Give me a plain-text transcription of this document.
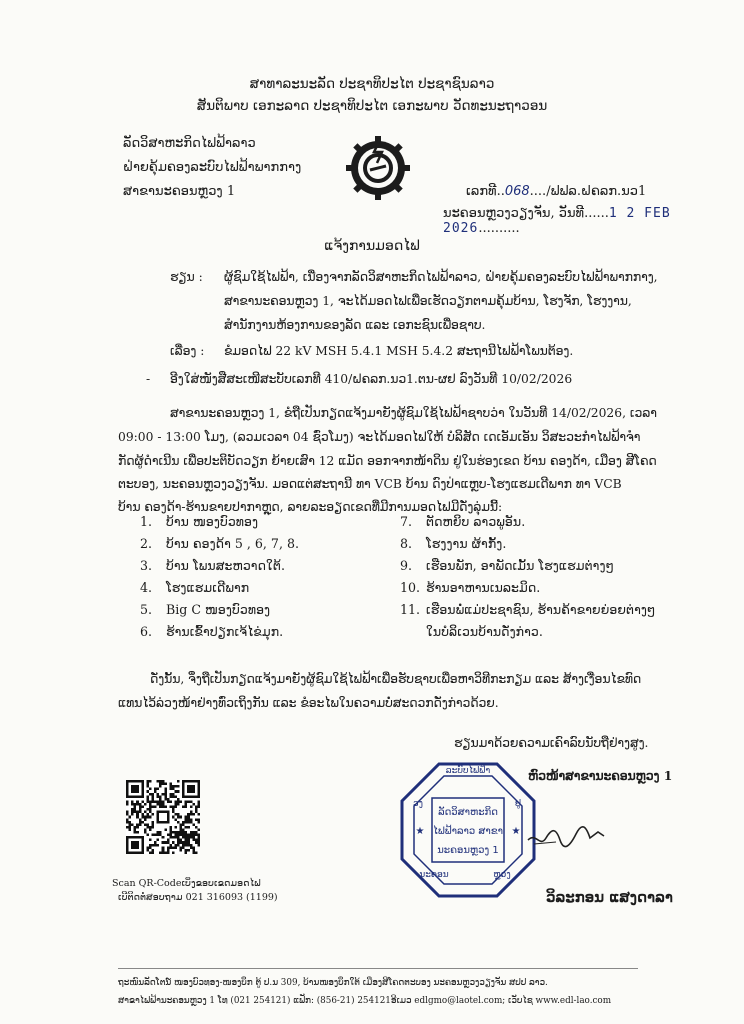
ສາທາລະນະລັດ ປະຊາທິປະໄຕ ປະຊາຊົນລາວ
ສັນຕິພາບ ເອກະລາດ ປະຊາທິປະໄຕ ເອກະພາບ ວັດທະນະຖາວອນ
ລັດວິສາຫະກິດໄຟຟ້າລາວ
ຝ່າຍຄຸ້ມຄອງລະບົບໄຟຟ້າພາກກາງ
ສາຂານະຄອນຫຼວງ 1	ເລກທີ..068..../ຟຟລ.ຝຄລກ.ນວ1
ນະຄອນຫຼວງວຽງຈັນ, ວັນທີ......1 2 FEB 2026..........
ແຈ້ງການມອດໄຟ
ຮຽນ : ຜູ້ຊົມໃຊ້ໄຟຟ້າ, ເນື່ອງຈາກລັດວິສາຫະກິດໄຟຟ້າລາວ, ຝ່າຍຄຸ້ມຄອງລະບົບໄຟຟ້າພາກກາງ,
ສາຂານະຄອນຫຼວງ 1, ຈະໄດ້ມອດໄຟເພື່ອເຮັດວຽກຕາມຄຸ້ມບ້ານ, ໂຮງຈັກ, ໂຮງງານ,
ສຳນັກງານຫ້ອງການຂອງລັດ ແລະ ເອກະຊົນເພື່ອຊາບ.
ເລື່ອງ : ຂໍມອດໄຟ 22 kV MSH 5.4.1 MSH 5.4.2 ສະຖານີໄຟຟ້າໂພນຕ້ອງ.
- ອີງໃສ່ໜັງສືສະເໜີສະບັບເລກທີ 410/ຝຄລກ.ນວ1.ຕນ-ຜຢ ລົງວັນທີ 10/02/2026
ສາຂານະຄອນຫຼວງ 1, ຂໍຖືເປັນກຽດແຈ້ງມາຍັງຜູ້ຊົມໃຊ້ໄຟຟ້າຊາບວ່າ ໃນວັນທີ 14/02/2026, ເວລາ
09:00 - 13:00 ໂມງ, (ລວມເວລາ 04 ຊົ່ວໂມງ) ຈະໄດ້ມອດໄຟໃຫ້ ບໍລິສັດ ເດເອັມເອັນ ວິສະວະກຳໄຟຟ້າຈຳ
ກັດຜູ້ດຳເນີນ ເພື່ອປະຕິບັດວຽກ ຍ້າຍເສົາ 12 ແມັດ ອອກຈາກໜ້າດິນ ຢູ່ໃນຮ່ອງເຂດ ບ້ານ ຄອງດ້າ, ເມືອງ ສີໂຄດ
ຕະບອງ, ນະຄອນຫຼວງວຽງຈັນ. ມອດແຕ່ສະຖານີ ທາ VCB ບ້ານ ດົງປ່າແຫຼບ-ໂຮງແຮມເດີພາກ ທາ VCB
ບ້ານ ຄອງດ້າ-ຮ້ານຂາຍປາກາຫຼຸດ, ລາຍລະອຽດເຂດທີ່ມີການມອດໄຟມີດັ່ງລຸ່ມນີ້:
1. ບ້ານ ໜອງບົວທອງ
2. ບ້ານ ຄອງດ້າ 5 , 6, 7, 8.
3. ບ້ານ ໂພນສະຫວາດໃຕ້.
4. ໂຮງແຮມເດີພາກ
5. Big C ໜອງບົວທອງ
6. ຮ້ານເຂົ້າປຽກເຈ້ໄຂ່ມຸກ.
7. ຕັດຫຍິບ ລາວພູອັນ.
8. ໂຮງງານ ຜ້າກັ້ງ.
9. ເຮືອນພັກ, ອາພັດເມັ້ນ ໂຮງແຮມຕ່າງໆ
10. ຮ້ານອາຫານເນລະມິດ.
11. ເຮືອນພໍ່ແມ່ປະຊາຊົນ, ຮ້ານຄ້າຂາຍຍ່ອຍຕ່າງໆ
ໃນບໍລິເວນບ້ານດັ່ງກ່າວ.
ດັ່ງນັ້ນ, ຈຶ່ງຖືເປັນກຽດແຈ້ງມາຍັງຜູ້ຊົມໃຊ້ໄຟຟ້າເພື່ອຮັບຊາບເພື່ອຫາວິທີກະກຽມ ແລະ ສ້າງເງື່ອນໄຂທົດ
ແທນໄວ້ລ່ວງໜ້າຢ່າງທົ່ວເຖິງກັນ ແລະ ຂໍອະໄພໃນຄວາມບໍ່ສະດວກດັ່ງກ່າວດ້ວຍ.
ຮຽນມາດ້ວຍຄວາມເຄົາລົບນັບຖືຢ່າງສູງ.
ຫົວໜ້າສາຂານະຄອນຫຼວງ 1
ລະບົບໄຟຟ້າ
ວງ	ຢູ
ລັດວິສາຫະກິດ
ໄຟຟ້າລາວ ສາຂາ
ນະຄອນຫຼວງ 1
ນະຄອນ	ຫຼວງ
★	★
ວິລະກອນ ແສງດາລາ
Scan QR-Codeເບິ່ງຂອບເຂດມອດໄຟ
ເບີຕິດຕໍ່ສອບຖາມ 021 316093 (1199)
ຖະໜົນລັດໂຕນ໌ ໜອງບົວທອງ-ໜອງບຶກ ຕູ້ ປ.ນ 309, ບ້ານໜອງບຶກໃຕ້ ເມືອງສີໂຄດຕະບອງ ນະຄອນຫຼວງວຽງຈັນ ສປປ ລາວ.
ສາຂາໄຟຟ້ານະຄອນຫຼວງ 1 ໂທ (021 254121) ແຟັກ: (856-21) 254121ອີເມວ edlgmo@laotel.com; ເວັບໄຊ www.edl-lao.com
